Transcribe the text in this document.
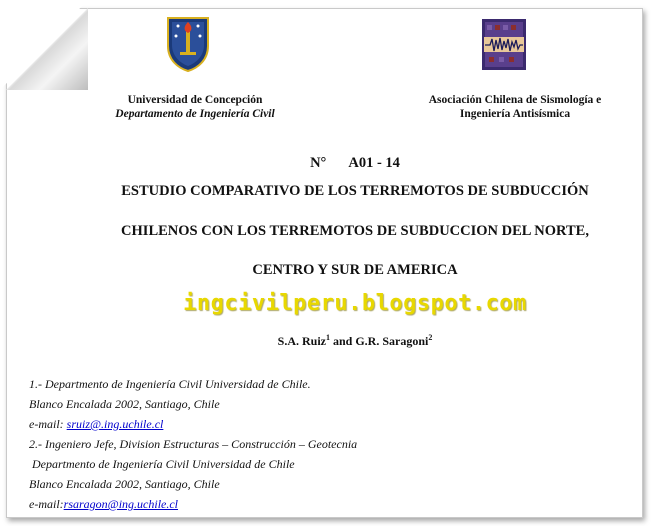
Universidad de Concepción
Departamento de Ingeniería Civil
Asociación Chilena de Sismología e
Ingeniería Antisísmica
N° A01 - 14
ESTUDIO COMPARATIVO DE LOS TERREMOTOS DE SUBDUCCIÓN
CHILENOS CON LOS TERREMOTOS DE SUBDUCCION DEL NORTE,
CENTRO Y SUR DE AMERICA
ingcivilperu.blogspot.com
S.A. Ruiz$^1$ and G.R. Saragoni$^2$
1.- Departmento de Ingeniería Civil Universidad de Chile.
Blanco Encalada 2002, Santiago, Chile
e-mail: sruiz@.ing.uchile.cl
2.- Ingeniero Jefe, Division Estructuras – Construcción – Geotecnia
Departmento de Ingeniería Civil Universidad de Chile
Blanco Encalada 2002, Santiago, Chile
e-mail:rsaragon@ing.uchile.cl
